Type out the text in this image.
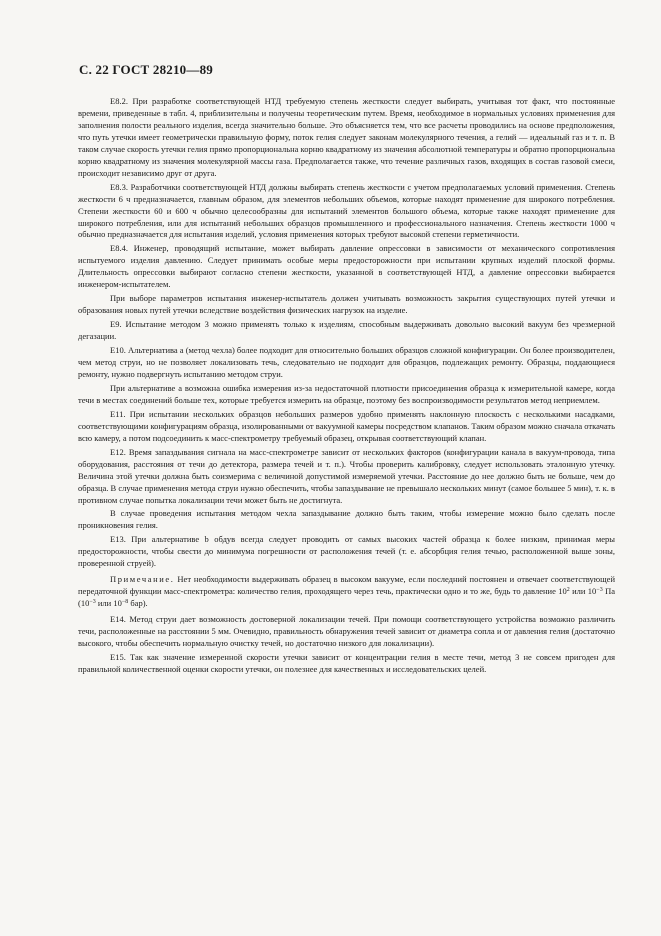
С. 22 ГОСТ 28210—89

Е8.2. При разработке соответствующей НТД требуемую степень жесткости следует выбирать, учитывая тот факт, что постоянные времени, приведенные в табл. 4, приблизительны и получены теоретическим путем. Время, необходимое в нормальных условиях применения для заполнения полости реального изделия, всегда значительно больше. Это объясняется тем, что все расчеты проводились на основе предположения, что путь утечки имеет геометрически правильную форму, поток гелия следует законам молекулярного течения, а гелий — идеальный газ и т. п. В таком случае скорость утечки гелия прямо пропорциональна корню квадратному из значения абсолютной температуры и обратно пропорциональна корню квадратному из значения молекулярной массы газа. Предполагается также, что течение различных газов, входящих в состав газовой смеси, происходит независимо друг от друга.

Е8.3. Разработчики соответствующей НТД должны выбирать степень жесткости с учетом предполагаемых условий применения. Степень жесткости 6 ч предназначается, главным образом, для элементов небольших объемов, которые находят применение для широкого потребления. Степени жесткости 60 и 600 ч обычно целесообразны для испытаний элементов большого объема, которые также находят применение для широкого потребления, или для испытаний небольших образцов промышленного и профессионального назначения. Степень жесткости 1000 ч обычно предназначается для испытания изделий, условия применения которых требуют высокой степени герметичности.

Е8.4. Инженер, проводящий испытание, может выбирать давление опрессовки в зависимости от механического сопротивления испытуемого изделия давлению. Следует принимать особые меры предосторожности при испытании крупных изделий плоской формы. Длительность опрессовки выбирают согласно степени жесткости, указанной в соответствующей НТД, а давление опрессовки выбирается инженером-испытателем.

При выборе параметров испытания инженер-испытатель должен учитывать возможность закрытия существующих путей утечки и образования новых путей утечки вследствие воздействия физических нагрузок на изделие.

Е9. Испытание методом 3 можно применять только к изделиям, способным выдерживать довольно высокий вакуум без чрезмерной дегазации.

Е10. Альтернатива а (метод чехла) более подходит для относительно больших образцов сложной конфигурации. Он более производителен, чем метод струи, но не позволяет локализовать течь, следовательно не подходит для образцов, подлежащих ремонту. Образцы, поддающиеся ремонту, нужно подвергнуть испытанию методом струи.

При альтернативе а возможна ошибка измерения из-за недостаточной плотности присоединения образца к измерительной камере, когда течи в местах соединений больше тех, которые требуется измерить на образце, поэтому без воспроизводимости результатов метод неприемлем.

Е11. При испытании нескольких образцов небольших размеров удобно применять наклонную плоскость с несколькими насадками, соответствующими конфигурациям образца, изолированными от вакуумной камеры посредством клапанов. Таким образом можно сначала откачать всю камеру, а потом подсоединить к масс-спектрометру требуемый образец, открывая соответствующий клапан.

Е12. Время запаздывания сигнала на масс-спектрометре зависит от нескольких факторов (конфигурации канала в вакуум-провода, типа оборудования, расстояния от течи до детектора, размера течей и т. п.). Чтобы проверить калибровку, следует использовать эталонную утечку. Величина этой утечки должна быть соизмерима с величиной допустимой измеряемой утечки. Расстояние до нее должно быть не больше, чем до образца. В случае применения метода струи нужно обеспечить, чтобы запаздывание не превышало нескольких минут (самое большее 5 мин), т. к. в противном случае попытка локализации течи может быть не достигнута.

В случае проведения испытания методом чехла запаздывание должно быть таким, чтобы измерение можно было сделать после проникновения гелия.

Е13. При альтернативе b обдув всегда следует проводить от самых высоких частей образца к более низким, принимая меры предосторожности, чтобы свести до минимума погрешности от расположения течей (т. е. абсорбция гелия течью, расположенной выше зоны, проверенной струей).

Примечание. Нет необходимости выдерживать образец в высоком вакууме, если последний постоянен и отвечает соответствующей передаточной функции масс-спектрометра: количество гелия, проходящего через течь, практически одно и то же, будь то давление $10^2$ или $10^{-3}$ Па ($10^{-3}$ или $10^{-8}$ бар).

Е14. Метод струи дает возможность достоверной локализации течей. При помощи соответствующего устройства возможно различить течи, расположенные на расстоянии 5 мм. Очевидно, правильность обнаружения течей зависит от диаметра сопла и от давления гелия (достаточно высокого, чтобы обеспечить нормальную очистку течей, но достаточно низкого для локализации).

Е15. Так как значение измеренной скорости утечки зависит от концентрации гелия в месте течи, метод 3 не совсем пригоден для правильной количественной оценки скорости утечки, он полезнее для качественных и исследовательских целей.
